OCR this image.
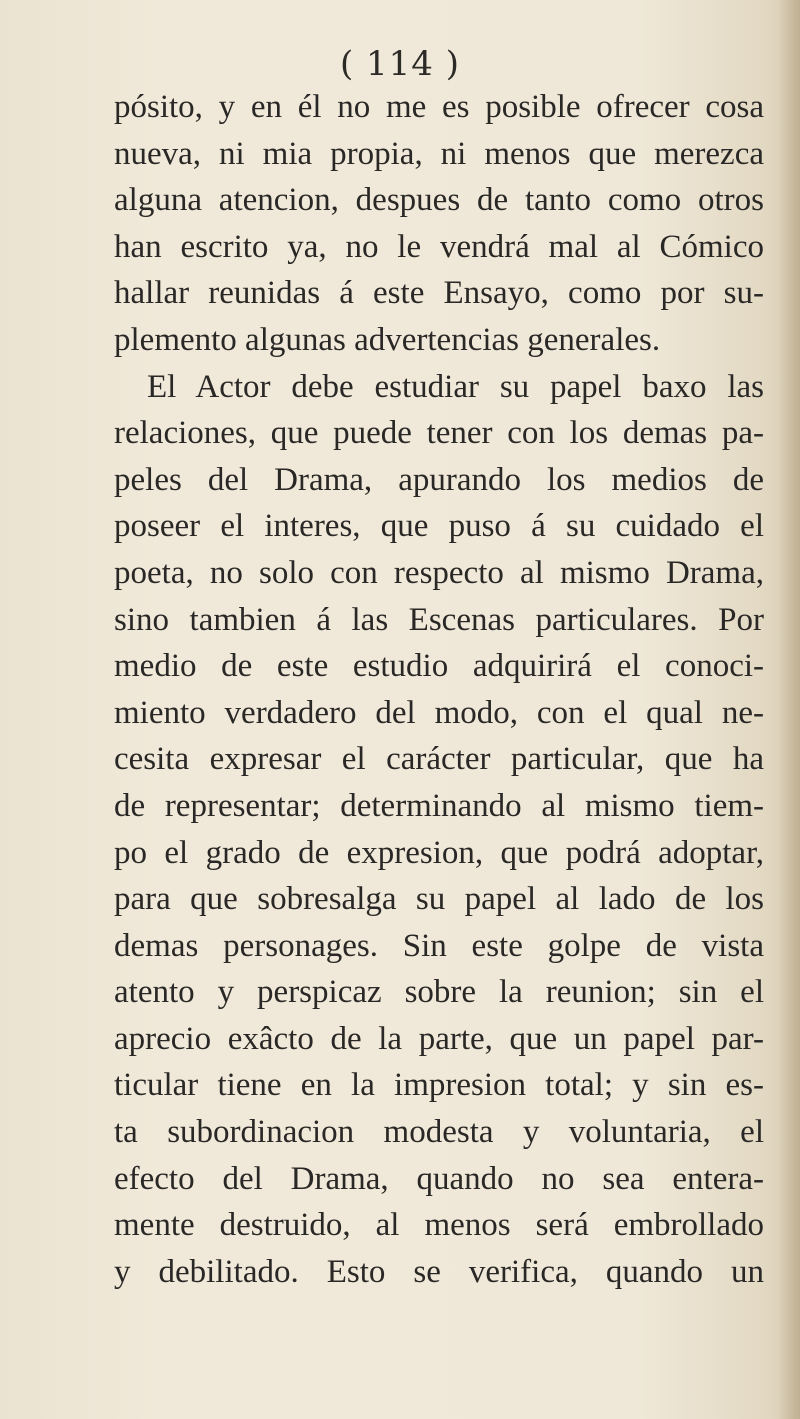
( 114 )
pósito, y en él no me es posible ofrecer cosa
nueva, ni mia propia, ni menos que merezca
alguna atencion, despues de tanto como otros
han escrito ya, no le vendrá mal al Cómico
hallar reunidas á este Ensayo, como por su-
plemento algunas advertencias generales.
El Actor debe estudiar su papel baxo las
relaciones, que puede tener con los demas pa-
peles del Drama, apurando los medios de
poseer el interes, que puso á su cuidado el
poeta, no solo con respecto al mismo Drama,
sino tambien á las Escenas particulares. Por
medio de este estudio adquirirá el conoci-
miento verdadero del modo, con el qual ne-
cesita expresar el carácter particular, que ha
de representar; determinando al mismo tiem-
po el grado de expresion, que podrá adoptar,
para que sobresalga su papel al lado de los
demas personages. Sin este golpe de vista
atento y perspicaz sobre la reunion; sin el
aprecio exâcto de la parte, que un papel par-
ticular tiene en la impresion total; y sin es-
ta subordinacion modesta y voluntaria, el
efecto del Drama, quando no sea entera-
mente destruido, al menos será embrollado
y debilitado. Esto se verifica, quando un
